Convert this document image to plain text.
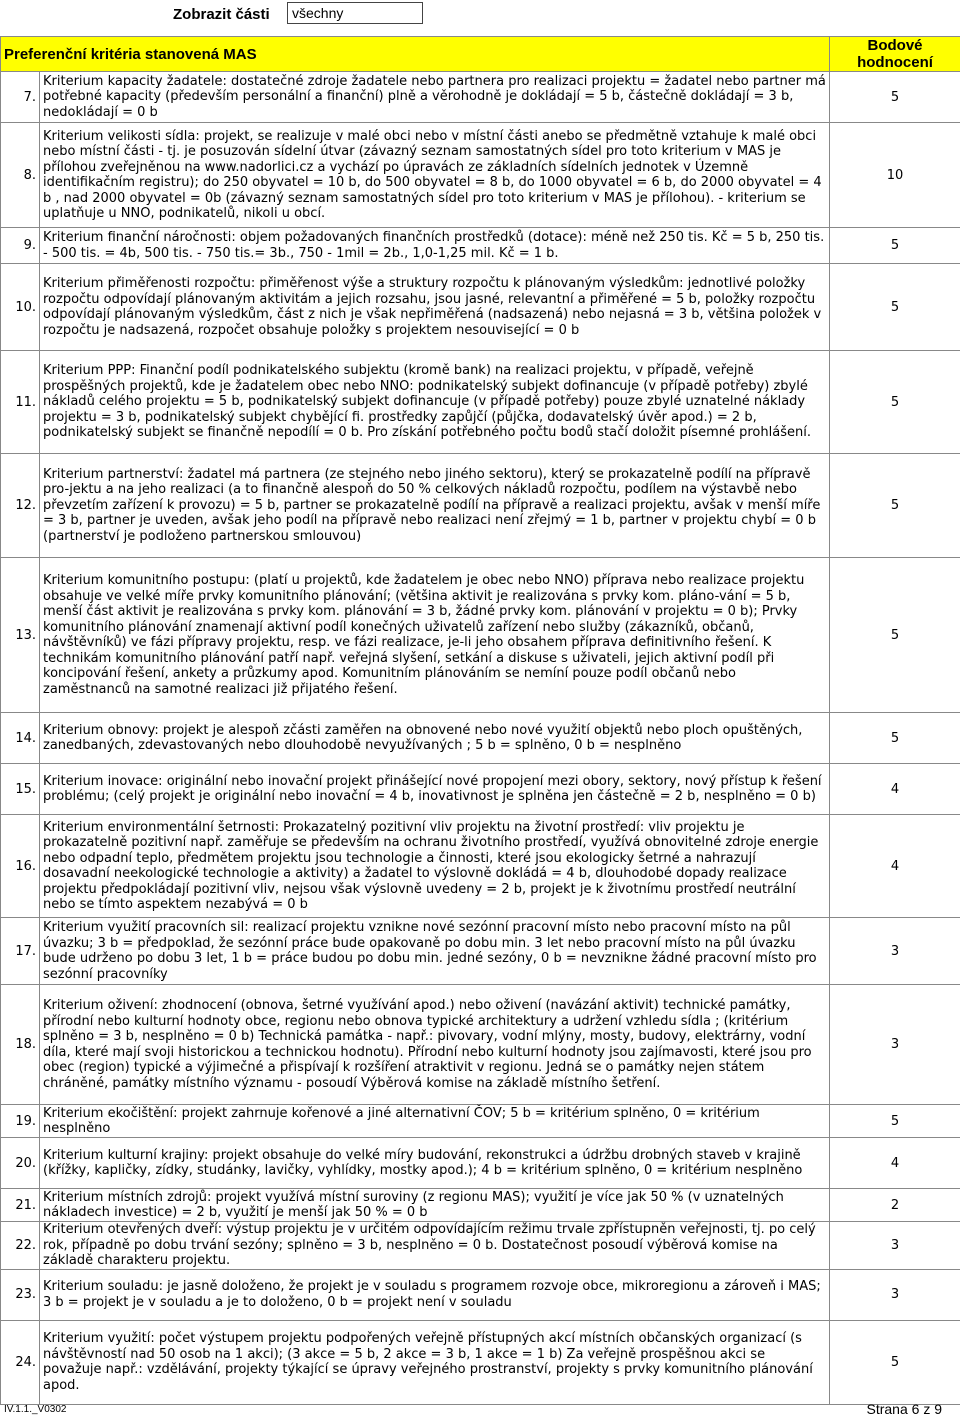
Zobrazit části	všechny
Preferenční kritéria stanovená MAS		Bodové hodnocení
7.	Kriterium kapacity žadatele: dostatečné zdroje žadatele nebo partnera pro realizaci projektu = žadatel nebo partner má potřebné kapacity (především personální a finanční) plně a věrohodně je dokládají = 5 b, částečně dokládají = 3 b, nedokládají = 0 b	5
8.	Kriterium velikosti sídla: projekt, se realizuje v malé obci nebo v místní části anebo se předmětně vztahuje k malé obci nebo místní části - tj. je posuzován sídelní útvar (závazný seznam samostatných sídel pro toto kriterium v MAS je přílohou zveřejněnou na www.nadorlici.cz a vychází po úpravách ze základních sídelních jednotek v Územně identifikačním registru); do 250 obyvatel = 10 b, do 500 obyvatel = 8 b, do 1000 obyvatel = 6 b, do 2000 obyvatel = 4 b , nad 2000 obyvatel = 0b (závazný seznam samostatných sídel pro toto kriterium v MAS je přílohou). - kriterium se uplatňuje u NNO, podnikatelů, nikoli u obcí.	10
9.	Kriterium finanční náročnosti: objem požadovaných finančních prostředků (dotace): méně než 250 tis. Kč = 5 b, 250 tis. - 500 tis. = 4b, 500 tis. - 750 tis.= 3b., 750 - 1mil = 2b., 1,0-1,25 mil. Kč = 1 b.	5
10.	Kriterium přiměřenosti rozpočtu: přiměřenost výše a struktury rozpočtu k plánovaným výsledkům: jednotlivé položky rozpočtu odpovídají plánovaným aktivitám a jejich rozsahu, jsou jasné, relevantní a přiměřené = 5 b, položky rozpočtu odpovídají plánovaným výsledkům, část z nich je však nepřiměřená (nadsazená) nebo nejasná = 3 b, většina položek v rozpočtu je nadsazená, rozpočet obsahuje položky s projektem nesouvisející = 0 b	5
11.	Kriterium PPP: Finanční podíl podnikatelského subjektu (kromě bank) na realizaci projektu, v případě, veřejně prospěšných projektů, kde je žadatelem obec nebo NNO: podnikatelský subjekt dofinancuje (v případě potřeby) zbylé nákladů celého projektu = 5 b, podnikatelský subjekt dofinancuje (v případě potřeby) pouze zbylé uznatelné náklady projektu = 3 b, podnikatelský subjekt chybějící fi. prostředky zapůjčí (půjčka, dodavatelský úvěr apod.) = 2 b, podnikatelský subjekt se finančně nepodílí = 0 b. Pro získání potřebného počtu bodů stačí doložit písemné prohlášení.	5
12.	Kriterium partnerství: žadatel má partnera (ze stejného nebo jiného sektoru), který se prokazatelně podílí na přípravě pro-jektu a na jeho realizaci (a to finančně alespoň do 50 % celkových nákladů rozpočtu, podílem na výstavbě nebo převzetím zařízení k provozu) = 5 b, partner se prokazatelně podílí na přípravě a realizaci projektu, avšak v menší míře = 3 b, partner je uveden, avšak jeho podíl na přípravě nebo realizaci není zřejmý = 1 b, partner v projektu chybí = 0 b (partnerství je podloženo partnerskou smlouvou)	5
13.	Kriterium komunitního postupu: (platí u projektů, kde žadatelem je obec nebo NNO) příprava nebo realizace projektu obsahuje ve velké míře prvky komunitního plánování; (většina aktivit je realizována s prvky kom. pláno-vání = 5 b, menší část aktivit je realizována s prvky kom. plánování = 3 b, žádné prvky kom. plánování v projektu = 0 b); Prvky komunitního plánování znamenají aktivní podíl konečných uživatelů zařízení nebo služby (zákazníků, občanů, návštěvníků) ve fázi přípravy projektu, resp. ve fázi realizace, je-li jeho obsahem příprava definitivního řešení. K technikám komunitního plánování patří např. veřejná slyšení, setkání a diskuse s uživateli, jejich aktivní podíl při koncipování řešení, ankety a průzkumy apod. Komunitním plánováním se nemíní pouze podíl občanů nebo zaměstnanců na samotné realizaci již přijatého řešení.	5
14.	Kriterium obnovy: projekt je alespoň zčásti zaměřen na obnovené nebo nové využití objektů nebo ploch opuštěných, zanedbaných, zdevastovaných nebo dlouhodobě nevyužívaných ; 5 b = splněno, 0 b = nesplněno	5
15.	Kriterium inovace: originální nebo inovační projekt přinášející nové propojení mezi obory, sektory, nový přístup k řešení problému; (celý projekt je originální nebo inovační = 4 b, inovativnost je splněna jen částečně = 2 b, nesplněno = 0 b)	4
16.	Kriterium environmentální šetrnosti: Prokazatelný pozitivní vliv projektu na životní prostředí: vliv projektu je prokazatelně pozitivní např. zaměřuje se především na ochranu životního prostředí, využívá obnovitelné zdroje energie nebo odpadní teplo, předmětem projektu jsou technologie a činnosti, které jsou ekologicky šetrné a nahrazují dosavadní neekologické technologie a aktivity) a žadatel to výslovně dokládá = 4 b, dlouhodobé dopady realizace projektu předpokládají pozitivní vliv, nejsou však výslovně uvedeny = 2 b, projekt je k životnímu prostředí neutrální nebo se tímto aspektem nezabývá = 0 b	4
17.	Kriterium využití pracovních sil: realizací projektu vznikne nové sezónní pracovní místo nebo pracovní místo na půl úvazku; 3 b = předpoklad, že sezónní práce bude opakovaně po dobu min. 3 let nebo pracovní místo na půl úvazku bude udrženo po dobu 3 let, 1 b = práce budou po dobu min. jedné sezóny, 0 b = nevznikne žádné pracovní místo pro sezónní pracovníky	3
18.	Kriterium oživení: zhodnocení (obnova, šetrné využívání apod.) nebo oživení (navázání aktivit) technické památky, přírodní nebo kulturní hodnoty obce, regionu nebo obnova typické architektury a udržení vzhledu sídla ; (kritérium splněno = 3 b, nesplněno = 0 b) Technická památka - např.: pivovary, vodní mlýny, mosty, budovy, elektrárny, vodní díla, které mají svoji historickou a technickou hodnotu). Přírodní nebo kulturní hodnoty jsou zajímavosti, které jsou pro obec (region) typické a výjimečné a přispívají k rozšíření atraktivit v regionu. Jedná se o památky nejen státem chráněné, památky místního významu - posoudí Výběrová komise na základě místního šetření.	3
19.	Kriterium ekočištění: projekt zahrnuje kořenové a jiné alternativní ČOV; 5 b = kritérium splněno, 0 = kritérium nesplněno	5
20.	Kriterium kulturní krajiny: projekt obsahuje do velké míry budování, rekonstrukci a údržbu drobných staveb v krajině (křížky, kapličky, zídky, studánky, lavičky, vyhlídky, mostky apod.); 4 b = kritérium splněno, 0 = kritérium nesplněno	4
21.	Kriterium místních zdrojů: projekt využívá místní suroviny (z regionu MAS); využití je více jak 50 % (v uznatelných nákladech investice) = 2 b, využití je menší jak 50 % = 0 b	2
22.	Kriterium otevřených dveří: výstup projektu je v určitém odpovídajícím režimu trvale zpřístupněn veřejnosti, tj. po celý rok, případně po dobu trvání sezóny; splněno = 3 b, nesplněno = 0 b. Dostatečnost posoudí výběrová komise na základě charakteru projektu.	3
23.	Kriterium souladu: je jasně doloženo, že projekt je v souladu s programem rozvoje obce, mikroregionu a zároveň i MAS; 3 b = projekt je v souladu a je to doloženo, 0 b = projekt není v souladu	3
24.	Kriterium využití: počet výstupem projektu podpořených veřejně přístupných akcí místních občanských organizací (s návštěvností nad 50 osob na 1 akci); (3 akce = 5 b, 2 akce = 3 b, 1 akce = 1 b) Za veřejně prospěšnou akci se považuje např.: vzdělávání, projekty týkající se úpravy veřejného prostranství, projekty s prvky komunitního plánování apod.	5
IV.1.1._V0302	Strana 6 z 9
